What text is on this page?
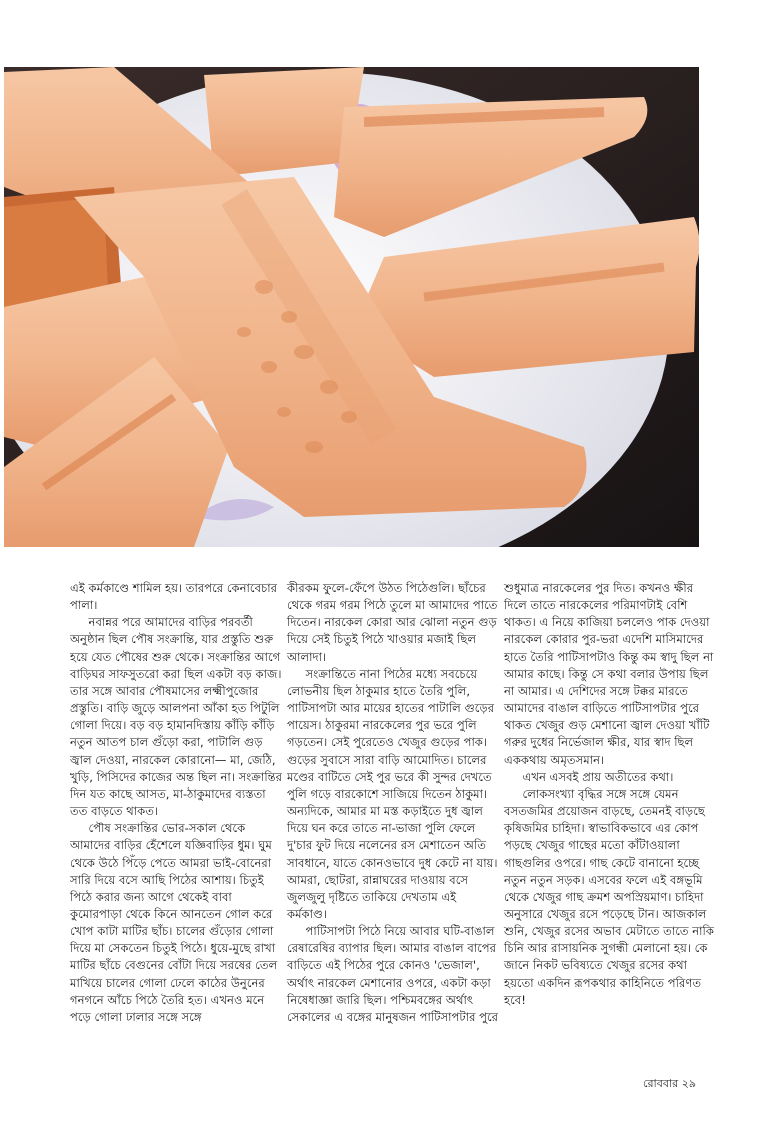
এই কর্মকাণ্ডে শামিল হয়। তারপরে কেনাবেচার পালা।

নবান্নর পরে আমাদের বাড়ির পরবর্তী অনুষ্ঠান ছিল পৌষ সংক্রান্তি, যার প্রস্তুতি শুরু হয়ে যেত পৌষের শুরু থেকে। সংক্রান্তির আগে বাড়িঘর সাফসুতরো করা ছিল একটা বড় কাজ। তার সঙ্গে আবার পৌষমাসের লক্ষ্মীপুজোর প্রস্তুতি। বাড়ি জুড়ে আলপনা আঁকা হত পিটুলি গোলা দিয়ে। বড় বড় হামানদিস্তায় কাঁড়ি কাঁড়ি নতুন আতপ চাল গুঁড়ো করা, পাটালি গুড় জ্বাল দেওয়া, নারকেল কোরানো— মা, জেঠি, খুড়ি, পিসিদের কাজের অন্ত ছিল না। সংক্রান্তির দিন যত কাছে আসত, মা-ঠাকুমাদের ব্যস্ততা তত বাড়তে থাকত।

পৌষ সংক্রান্তির ভোর-সকাল থেকে আমাদের বাড়ির হেঁশেলে যজ্ঞিবাড়ির ধুম। ঘুম থেকে উঠে পিঁড়ে পেতে আমরা ভাই-বোনেরা সারি দিয়ে বসে আছি পিঠের আশায়। চিতুই পিঠে করার জন্য আগে থেকেই বাবা কুমোরপাড়া থেকে কিনে আনতেন গোল করে খোপ কাটা মাটির ছাঁচ। চালের গুঁড়োর গোলা দিয়ে মা সেকতেন চিতুই পিঠে। ধুয়ে-মুছে রাখা মাটির ছাঁচে বেগুনের বোঁটা দিয়ে সরষের তেল মাখিয়ে চালের গোলা ঢেলে কাঠের উনুনের গনগনে আঁচে পিঠে তৈরি হত। এখনও মনে পড়ে গোলা ঢালার সঙ্গে সঙ্গে

কীরকম ফুলে-ফেঁপে উঠত পিঠেগুলি। ছাঁচের থেকে গরম গরম পিঠে তুলে মা আমাদের পাতে দিতেন। নারকেল কোরা আর ঝোলা নতুন গুড় দিয়ে সেই চিতুই পিঠে খাওয়ার মজাই ছিল আলাদা।

সংক্রান্তিতে নানা পিঠের মধ্যে সবচেয়ে লোভনীয় ছিল ঠাকুমার হাতে তৈরি পুলি, পাটিসাপটা আর মায়ের হাতের পাটালি গুড়ের পায়েস। ঠাকুরমা নারকেলের পুর ভরে পুলি গড়তেন। সেই পুরেতেও খেজুর গুড়ের পাক। গুড়ের সুবাসে সারা বাড়ি আমোদিত। চালের মণ্ডের বাটিতে সেই পুর ভরে কী সুন্দর দেখতে পুলি গড়ে বারকোশে সাজিয়ে দিতেন ঠাকুমা। অন্যদিকে, আমার মা মস্ত কড়াইতে দুধ জ্বাল দিয়ে ঘন করে তাতে না-ভাজা পুলি ফেলে দু'চার ফুট দিয়ে নলেনের রস মেশাতেন অতি সাবধানে, যাতে কোনওভাবে দুধ কেটে না যায়। আমরা, ছোটরা, রান্নাঘরের দাওয়ায় বসে জুলজুলু দৃষ্টিতে তাকিয়ে দেখতাম এই কর্মকাণ্ড।

পাটিসাপটা পিঠে নিয়ে আবার ঘটি-বাঙাল রেষারেষির ব্যাপার ছিল। আমার বাঙাল বাপের বাড়িতে এই পিঠের পুরে কোনও 'ভেজাল', অর্থাৎ নারকেল মেশানোর ওপরে, একটা কড়া নিষেধাজ্ঞা জারি ছিল। পশ্চিমবঙ্গের অর্থাৎ সেকালের এ বঙ্গের মানুষজন পাটিসাপটার পুরে

শুধুমাত্র নারকেলের পুর দিত। কখনও ক্ষীর দিলে তাতে নারকেলের পরিমাণটাই বেশি থাকত। এ নিয়ে কাজিয়া চললেও পাক দেওয়া নারকেল কোরার পুর-ভরা এদেশি মাসিমাদের হাতে তৈরি পাটিসাপটাও কিন্তু কম স্বাদু ছিল না আমার কাছে। কিন্তু সে কথা বলার উপায় ছিল না আমার। এ দেশিদের সঙ্গে টক্কর মারতে আমাদের বাঙাল বাড়িতে পাটিসাপটার পুরে থাকত খেজুর গুড় মেশানো জ্বাল দেওয়া খাঁটি গরুর দুধের নির্ভেজাল ক্ষীর, যার স্বাদ ছিল এককথায় অমৃতসমান।

এখন এসবই প্রায় অতীতের কথা।

লোকসংখ্যা বৃদ্ধির সঙ্গে সঙ্গে যেমন বসতজমির প্রয়োজন বাড়ছে, তেমনই বাড়ছে কৃষিজমির চাহিদা। স্বাভাবিকভাবে এর কোপ পড়ছে খেজুর গাছের মতো কাঁটাওয়ালা গাছগুলির ওপরে। গাছ কেটে বানানো হচ্ছে নতুন নতুন সড়ক। এসবের ফলে এই বঙ্গভূমি থেকে খেজুর গাছ ক্রমশ অপস্রিয়মাণ। চাহিদা অনুসারে খেজুর রসে পড়েছে টান। আজকাল শুনি, খেজুর রসের অভাব মেটাতে তাতে নাকি চিনি আর রাসায়নিক সুগন্ধী মেলানো হয়। কে জানে নিকট ভবিষ্যতে খেজুর রসের কথা হয়তো একদিন রূপকথার কাহিনিতে পরিণত হবে!

রোববার ২৯
